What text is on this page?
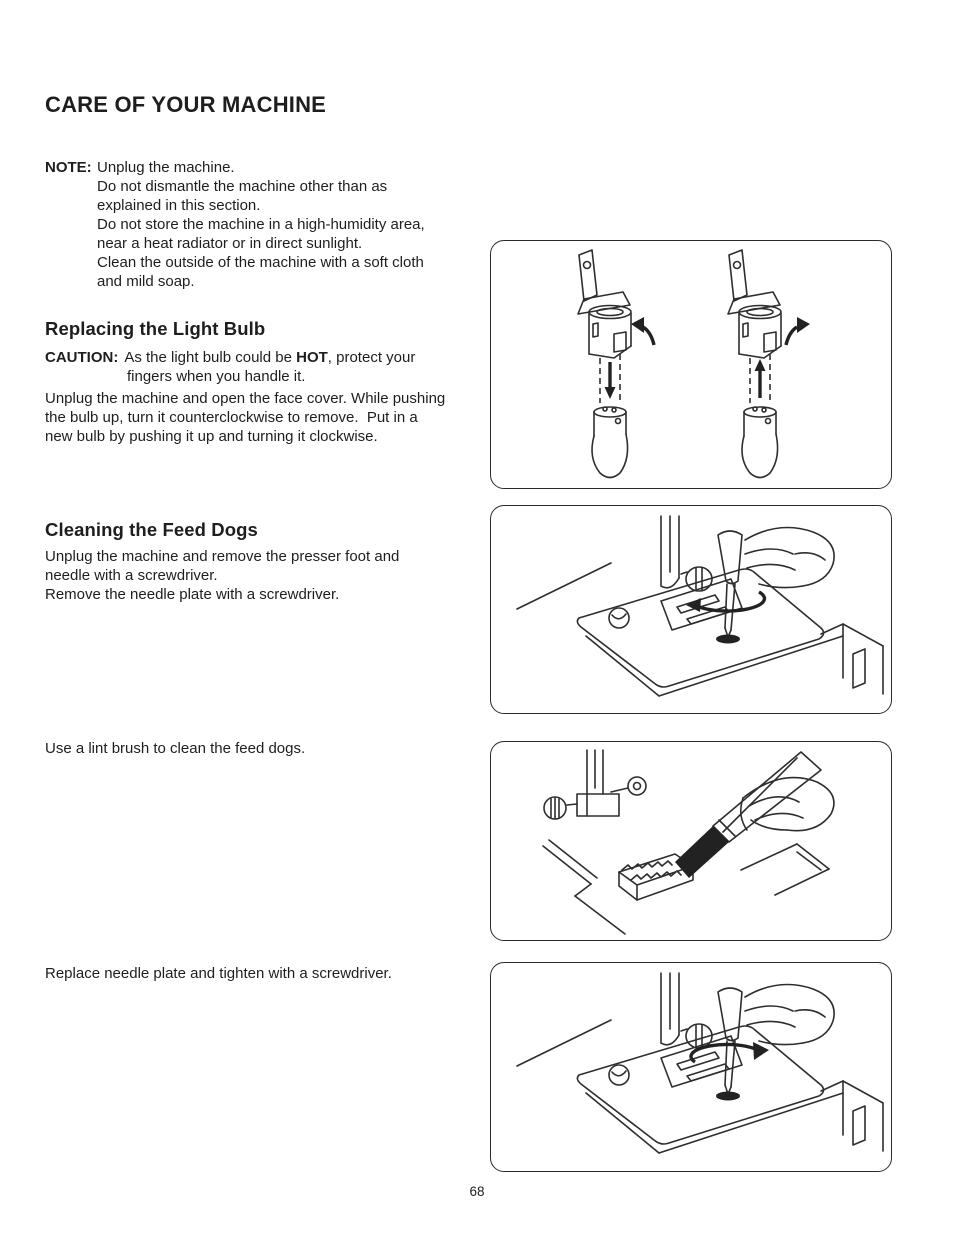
CARE OF YOUR MACHINE
NOTE: Unplug the machine.
Do not dismantle the machine other than as
explained in this section.
Do not store the machine in a high-humidity area,
near a heat radiator or in direct sunlight.
Clean the outside of the machine with a soft cloth
and mild soap.
Replacing the Light Bulb
CAUTION: As the light bulb could be HOT, protect your
fingers when you handle it.
Unplug the machine and open the face cover. While pushing
the bulb up, turn it counterclockwise to remove.  Put in a
new bulb by pushing it up and turning it clockwise.
Cleaning the Feed Dogs
Unplug the machine and remove the presser foot and
needle with a screwdriver.
Remove the needle plate with a screwdriver.
Use a lint brush to clean the feed dogs.
Replace needle plate and tighten with a screwdriver.
68
